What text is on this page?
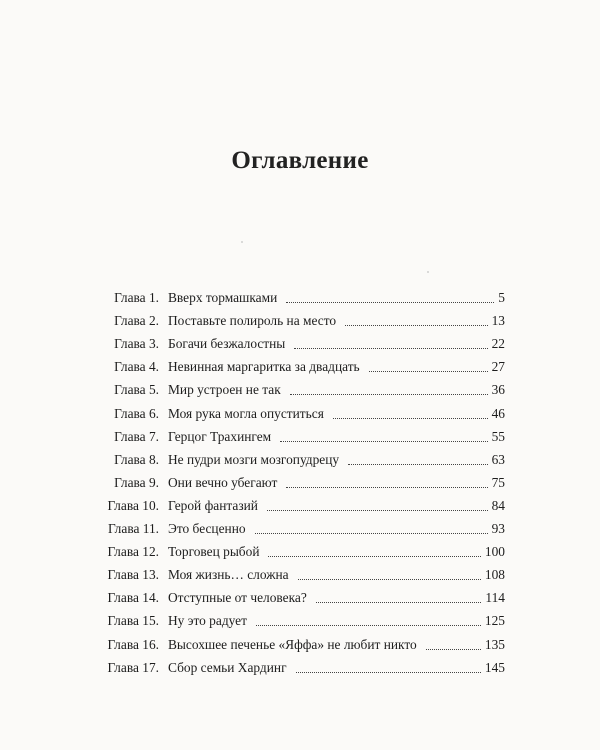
Оглавление
Глава 1. Вверх тормашками	5
Глава 2. Поставьте полироль на место	13
Глава 3. Богачи безжалостны	22
Глава 4. Невинная маргаритка за двадцать	27
Глава 5. Мир устроен не так	36
Глава 6. Моя рука могла опуститься	46
Глава 7. Герцог Трахингем	55
Глава 8. Не пудри мозги мозгопудрецу	63
Глава 9. Они вечно убегают	75
Глава 10. Герой фантазий	84
Глава 11. Это бесценно	93
Глава 12. Торговец рыбой	100
Глава 13. Моя жизнь… сложна	108
Глава 14. Отступные от человека?	114
Глава 15. Ну это радует	125
Глава 16. Высохшее печенье «Яффа» не любит никто	135
Глава 17. Сбор семьи Хардинг	145
